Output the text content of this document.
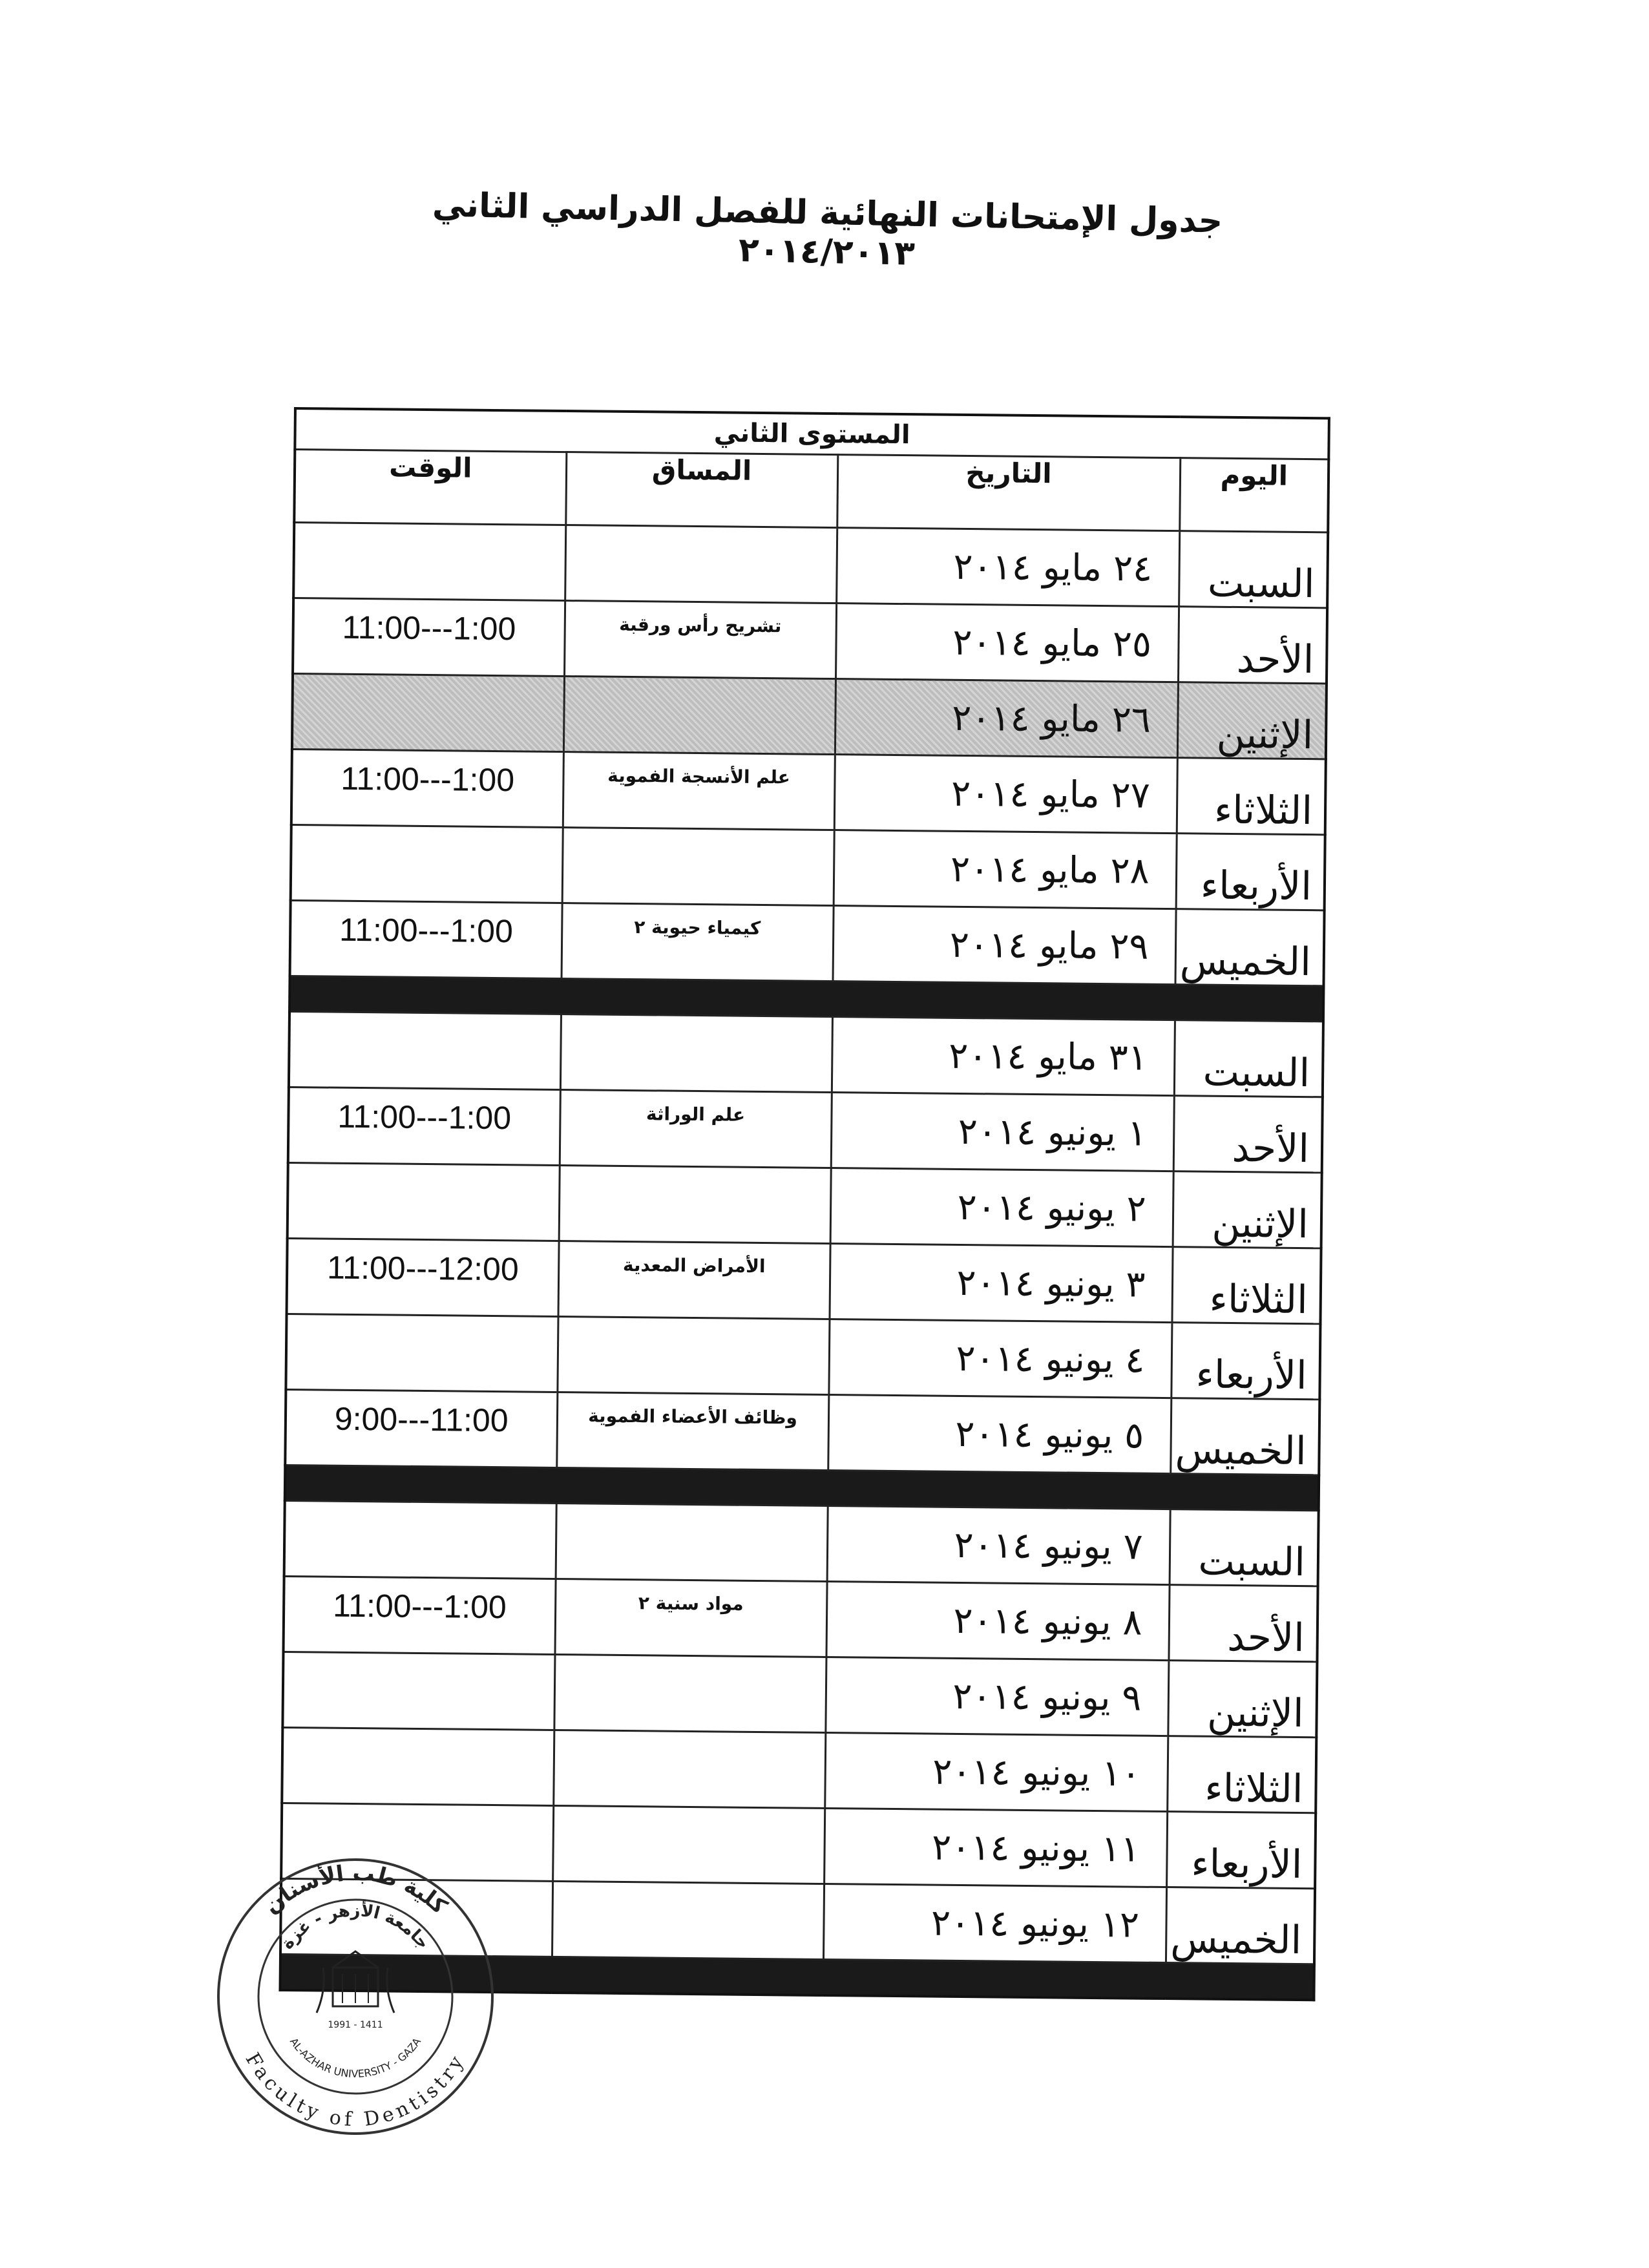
جدول الإمتحانات النهائية للفصل الدراسي الثاني ٢٠١٤/٢٠١٣
المستوى الثاني			
اليوم	التاريخ	المساق	الوقت
السبت	٢٤ مايو ٢٠١٤		
الأحد	٢٥ مايو ٢٠١٤	تشريح رأس ورقبة	11:00---1:00
الإثنين	٢٦ مايو ٢٠١٤		
الثلاثاء	٢٧ مايو ٢٠١٤	علم الأنسجة الفموية	11:00---1:00
الأربعاء	٢٨ مايو ٢٠١٤		
الخميس	٢٩ مايو ٢٠١٤	كيمياء حيوية ٢	11:00---1:00

السبت	٣١ مايو ٢٠١٤		
الأحد	١ يونيو ٢٠١٤	علم الوراثة	11:00---1:00
الإثنين	٢ يونيو ٢٠١٤		
الثلاثاء	٣ يونيو ٢٠١٤	الأمراض المعدية	11:00---12:00
الأربعاء	٤ يونيو ٢٠١٤		
الخميس	٥ يونيو ٢٠١٤	وظائف الأعضاء الفموية	9:00---11:00

السبت	٧ يونيو ٢٠١٤		
الأحد	٨ يونيو ٢٠١٤	مواد سنية ٢	11:00---1:00
الإثنين	٩ يونيو ٢٠١٤		
الثلاثاء	١٠ يونيو ٢٠١٤		
الأربعاء	١١ يونيو ٢٠١٤		
الخميس	١٢ يونيو ٢٠١٤		

كلية طب الأسنان
Faculty of Dentistry
جامعة الأزهر - غزة
AL-AZHAR UNIVERSITY - GAZA
1991 - 1411
